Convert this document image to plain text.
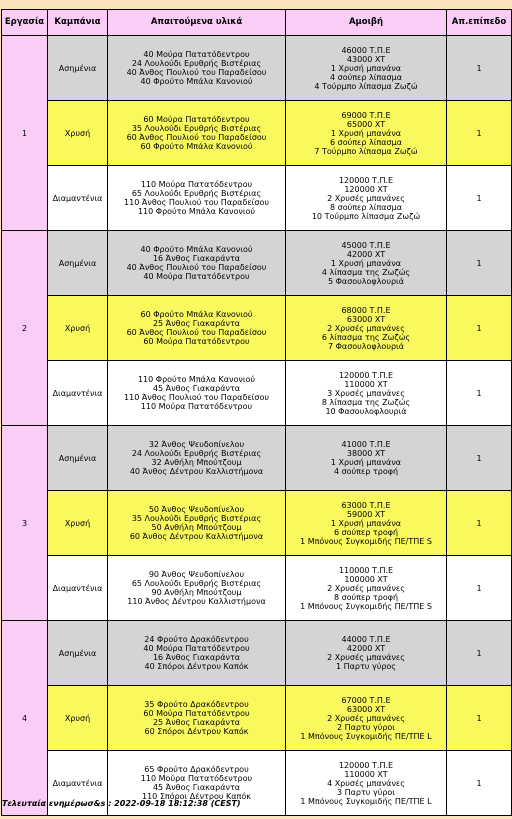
Εργασία	Καμπάνια	Απαιτούμενα υλικά	Αμοιβή	Απ.επίπεδο
1	Ασημένια	40 Μούρα Πατατόδεντρου
24 Λουλούδι Ερυθρής Βιστέριας
40 Άνθος Πουλιού του Παραδείσου
40 Φρούτο Μπάλα Κανονιού	46000 Τ.Π.Ε
43000 XT
1 Χρυσή μπανάνα
4 σούπερ λίπασμα
4 Τούρμπο λίπασμα Ζωζώ	1
	Χρυσή	60 Μούρα Πατατόδεντρου
35 Λουλούδι Ερυθρής Βιστέριας
60 Άνθος Πουλιού του Παραδείσου
60 Φρούτο Μπάλα Κανονιού	69000 Τ.Π.Ε
65000 XT
1 Χρυσή μπανάνα
6 σούπερ λίπασμα
7 Τούρμπο λίπασμα Ζωζώ	1
	Διαμαντένια	110 Μούρα Πατατόδεντρου
65 Λουλούδι Ερυθρής Βιστέριας
110 Άνθος Πουλιού του Παραδείσου
110 Φρούτο Μπάλα Κανονιού	120000 Τ.Π.Ε
120000 XT
2 Χρυσές μπανάνες
8 σούπερ λίπασμα
10 Τούρμπο λίπασμα Ζωζώ	1
2	Ασημένια	40 Φρούτο Μπάλα Κανονιού
16 Άνθος Γιακαράντα
40 Άνθος Πουλιού του Παραδείσου
40 Μούρα Πατατόδεντρου	45000 Τ.Π.Ε
42000 XT
1 Χρυσή μπανάνα
4 λίπασμα της Ζωζώς
5 Φασουλοφλουριά	1
	Χρυσή	60 Φρούτο Μπάλα Κανονιού
25 Άνθος Γιακαράντα
60 Άνθος Πουλιού του Παραδείσου
60 Μούρα Πατατόδεντρου	68000 Τ.Π.Ε
63000 XT
2 Χρυσές μπανάνες
6 λίπασμα της Ζωζώς
7 Φασουλοφλουριά	1
	Διαμαντένια	110 Φρούτο Μπάλα Κανονιού
45 Άνθος Γιακαράντα
110 Άνθος Πουλιού του Παραδείσου
110 Μούρα Πατατόδεντρου	120000 Τ.Π.Ε
110000 XT
3 Χρυσές μπανάνες
8 λίπασμα της Ζωζώς
10 Φασουλοφλουριά	1
3	Ασημένια	32 Άνθος Ψευδοπίνελου
24 Λουλούδι Ερυθρής Βιστέριας
32 Ανθήλη Μπούτζουμ
40 Άνθος Δέντρου Καλλιστήμονα	41000 Τ.Π.Ε
38000 XT
1 Χρυσή μπανάνα
4 σούπερ τροφή	1
	Χρυσή	50 Άνθος Ψευδοπίνελου
35 Λουλούδι Ερυθρής Βιστέριας
50 Ανθήλη Μπούτζουμ
60 Άνθος Δέντρου Καλλιστήμονα	63000 Τ.Π.Ε
59000 XT
1 Χρυσή μπανάνα
6 σούπερ τροφή
1 Μπόνους Συγκομιδής ΠΕ/ΤΠΕ S	1
	Διαμαντένια	90 Άνθος Ψευδοπίνελου
65 Λουλούδι Ερυθρής Βιστέριας
90 Ανθήλη Μπούτζουμ
110 Άνθος Δέντρου Καλλιστήμονα	110000 Τ.Π.Ε
100000 XT
2 Χρυσές μπανάνες
8 σούπερ τροφή
1 Μπόνους Συγκομιδής ΠΕ/ΤΠΕ S	1
4	Ασημένια	24 Φρούτο Δρακόδεντρου
40 Μούρα Πατατόδεντρου
16 Άνθος Γιακαράντα
40 Σπόροι Δέντρου Καπόκ	44000 Τ.Π.Ε
42000 XT
2 Χρυσές μπανάνες
1 Παρτυ γύρος	1
	Χρυσή	35 Φρούτο Δρακόδεντρου
60 Μούρα Πατατόδεντρου
25 Άνθος Γιακαράντα
60 Σπόροι Δέντρου Καπόκ	67000 Τ.Π.Ε
63000 XT
2 Χρυσές μπανάνες
2 Παρτυ γύροι
1 Μπόνους Συγκομιδής ΠΕ/ΤΠΕ L	1
	Διαμαντένια	65 Φρούτο Δρακόδεντρου
110 Μούρα Πατατόδεντρου
45 Άνθος Γιακαράντα
110 Σπόροι Δέντρου Καπόκ	120000 Τ.Π.Ε
110000 XT
4 Χρυσές μπανάνες
3 Παρτυ γύροι
1 Μπόνους Συγκομιδής ΠΕ/ΤΠΕ L	1
Τελευταία ενημέρωσ&s : 2022-09-18 18:12:38 (CEST)
